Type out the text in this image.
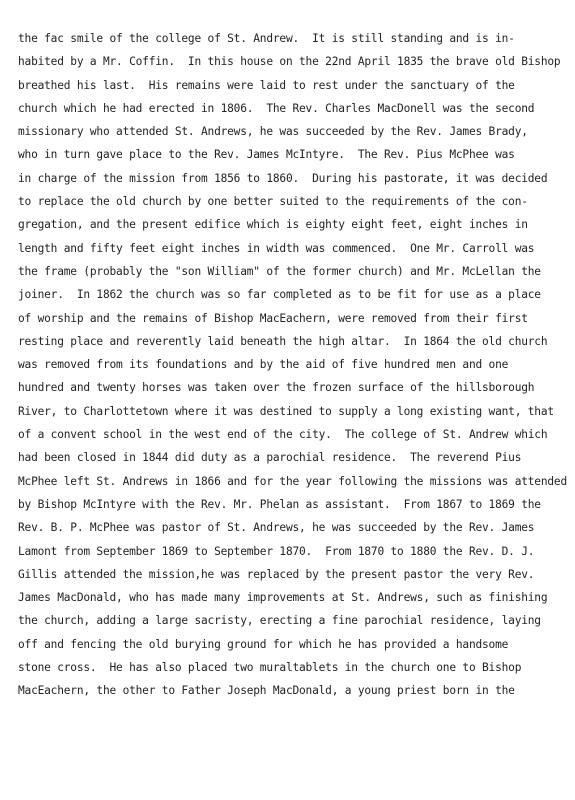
the fac smile of the college of St. Andrew.  It is still standing and is in-
habited by a Mr. Coffin.  In this house on the 22nd April 1835 the brave old Bishop
breathed his last.  His remains were laid to rest under the sanctuary of the
church which he had erected in 1806.  The Rev. Charles MacDonell was the second
missionary who attended St. Andrews, he was succeeded by the Rev. James Brady,
who in turn gave place to the Rev. James McIntyre.  The Rev. Pius McPhee was
in charge of the mission from 1856 to 1860.  During his pastorate, it was decided
to replace the old church by one better suited to the requirements of the con-
gregation, and the present edifice which is eighty eight feet, eight inches in
length and fifty feet eight inches in width was commenced.  One Mr. Carroll was
the frame (probably the "son William" of the former church) and Mr. McLellan the
joiner.  In 1862 the church was so far completed as to be fit for use as a place
of worship and the remains of Bishop MacEachern, were removed from their first
resting place and reverently laid beneath the high altar.  In 1864 the old church
was removed from its foundations and by the aid of five hundred men and one
hundred and twenty horses was taken over the frozen surface of the hillsborough
River, to Charlottetown where it was destined to supply a long existing want, that
of a convent school in the west end of the city.  The college of St. Andrew which
had been closed in 1844 did duty as a parochial residence.  The reverend Pius
McPhee left St. Andrews in 1866 and for the year following the missions was attended
by Bishop McIntyre with the Rev. Mr. Phelan as assistant.  From 1867 to 1869 the
Rev. B. P. McPhee was pastor of St. Andrews, he was succeeded by the Rev. James
Lamont from September 1869 to September 1870.  From 1870 to 1880 the Rev. D. J.
Gillis attended the mission,he was replaced by the present pastor the very Rev.
James MacDonald, who has made many improvements at St. Andrews, such as finishing
the church, adding a large sacristy, erecting a fine parochial residence, laying
off and fencing the old burying ground for which he has provided a handsome
stone cross.  He has also placed two muraltablets in the church one to Bishop
MacEachern, the other to Father Joseph MacDonald, a young priest born in the
